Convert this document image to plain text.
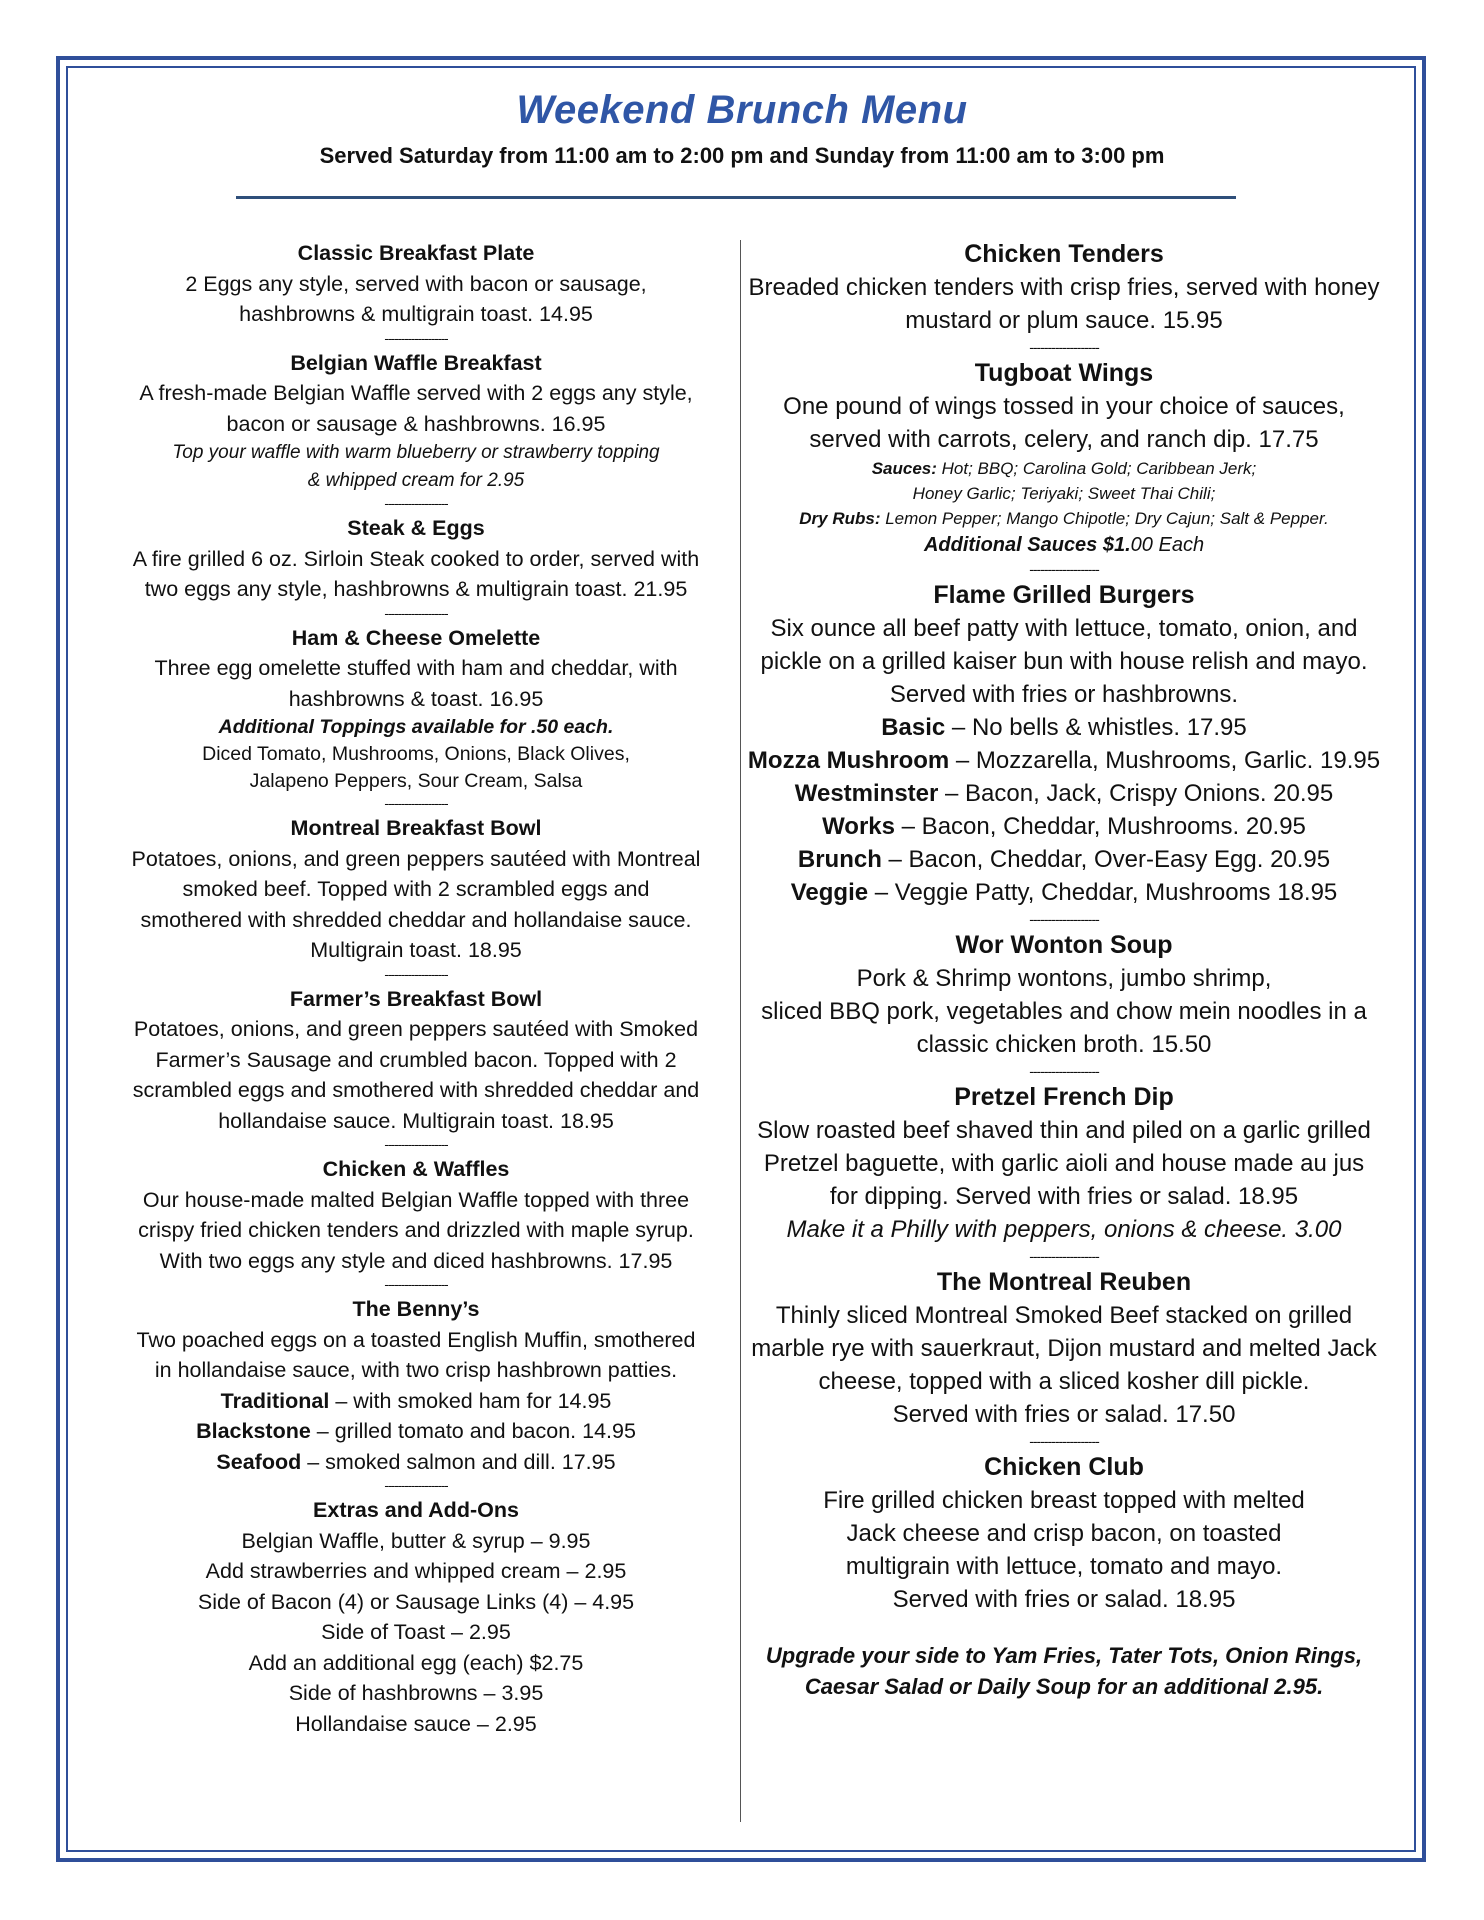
Weekend Brunch Menu
Served Saturday from 11:00 am to 2:00 pm and Sunday from 11:00 am to 3:00 pm
Classic Breakfast Plate
2 Eggs any style, served with bacon or sausage,
hashbrowns & multigrain toast. 14.95
-------------------
Belgian Waffle Breakfast
A fresh-made Belgian Waffle served with 2 eggs any style,
bacon or sausage & hashbrowns. 16.95
Top your waffle with warm blueberry or strawberry topping
& whipped cream for 2.95
-------------------
Steak & Eggs
A fire grilled 6 oz. Sirloin Steak cooked to order, served with
two eggs any style, hashbrowns & multigrain toast. 21.95
-------------------
Ham & Cheese Omelette
Three egg omelette stuffed with ham and cheddar, with
hashbrowns & toast. 16.95
Additional Toppings available for .50 each.
Diced Tomato, Mushrooms, Onions, Black Olives,
Jalapeno Peppers, Sour Cream, Salsa
-------------------
Montreal Breakfast Bowl
Potatoes, onions, and green peppers sautéed with Montreal
smoked beef. Topped with 2 scrambled eggs and
smothered with shredded cheddar and hollandaise sauce.
Multigrain toast. 18.95
-------------------
Farmer’s Breakfast Bowl
Potatoes, onions, and green peppers sautéed with Smoked
Farmer’s Sausage and crumbled bacon. Topped with 2
scrambled eggs and smothered with shredded cheddar and
hollandaise sauce. Multigrain toast. 18.95
-------------------
Chicken & Waffles
Our house-made malted Belgian Waffle topped with three
crispy fried chicken tenders and drizzled with maple syrup.
With two eggs any style and diced hashbrowns. 17.95
-------------------
The Benny’s
Two poached eggs on a toasted English Muffin, smothered
in hollandaise sauce, with two crisp hashbrown patties.
Traditional – with smoked ham for 14.95
Blackstone – grilled tomato and bacon. 14.95
Seafood – smoked salmon and dill. 17.95
-------------------
Extras and Add-Ons
Belgian Waffle, butter & syrup – 9.95
Add strawberries and whipped cream – 2.95
Side of Bacon (4) or Sausage Links (4) – 4.95
Side of Toast – 2.95
Add an additional egg (each) $2.75
Side of hashbrowns – 3.95
Hollandaise sauce – 2.95
Chicken Tenders
Breaded chicken tenders with crisp fries, served with honey
mustard or plum sauce. 15.95
-------------------
Tugboat Wings
One pound of wings tossed in your choice of sauces,
served with carrots, celery, and ranch dip. 17.75
Sauces: Hot; BBQ; Carolina Gold; Caribbean Jerk;
Honey Garlic; Teriyaki; Sweet Thai Chili;
Dry Rubs: Lemon Pepper; Mango Chipotle; Dry Cajun; Salt & Pepper.
Additional Sauces $1.00 Each
-------------------
Flame Grilled Burgers
Six ounce all beef patty with lettuce, tomato, onion, and
pickle on a grilled kaiser bun with house relish and mayo.
Served with fries or hashbrowns.
Basic – No bells & whistles. 17.95
Mozza Mushroom – Mozzarella, Mushrooms, Garlic. 19.95
Westminster – Bacon, Jack, Crispy Onions. 20.95
Works – Bacon, Cheddar, Mushrooms. 20.95
Brunch – Bacon, Cheddar, Over-Easy Egg. 20.95
Veggie – Veggie Patty, Cheddar, Mushrooms 18.95
-------------------
Wor Wonton Soup
Pork & Shrimp wontons, jumbo shrimp,
sliced BBQ pork, vegetables and chow mein noodles in a
classic chicken broth. 15.50
-------------------
Pretzel French Dip
Slow roasted beef shaved thin and piled on a garlic grilled
Pretzel baguette, with garlic aioli and house made au jus
for dipping. Served with fries or salad. 18.95
Make it a Philly with peppers, onions & cheese. 3.00
-------------------
The Montreal Reuben
Thinly sliced Montreal Smoked Beef stacked on grilled
marble rye with sauerkraut, Dijon mustard and melted Jack
cheese, topped with a sliced kosher dill pickle.
Served with fries or salad. 17.50
-------------------
Chicken Club
Fire grilled chicken breast topped with melted
Jack cheese and crisp bacon, on toasted
multigrain with lettuce, tomato and mayo.
Served with fries or salad. 18.95
Upgrade your side to Yam Fries, Tater Tots, Onion Rings,
Caesar Salad or Daily Soup for an additional 2.95.
